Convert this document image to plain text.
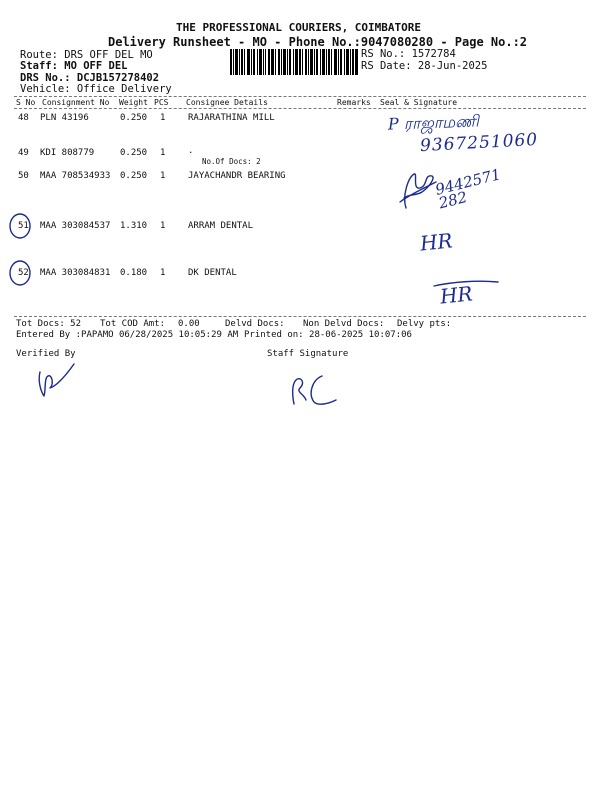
THE PROFESSIONAL COURIERS, COIMBATORE
Delivery Runsheet - MO - Phone No.:9047080280 - Page No.:2
Route: DRS OFF DEL MO
Staff: MO OFF DEL
DRS No.: DCJB157278402
Vehicle: Office Delivery
RS No.: 1572784
RS Date: 28-Jun-2025
S No Consignment No Weight PCS Consignee Details	Remarks Seal & Signature
48 PLN 43196	0.250 1	RAJARATHINA MILL
49 KDI 808779	0.250 1	.
No.Of Docs: 2
50 MAA 708534933 0.250 1	JAYACHANDR BEARING
51 MAA 303084537 1.310 1	ARRAM DENTAL
52 MAA 303084831 0.180 1	DK DENTAL
P ராஜாமணி
9367251060
9442571 282
HR
HR
Tot Docs: 52 Tot COD Amt: 0.00	Delvd Docs: Non Delvd Docs: Delvy pts:
Entered By :PAPAMO 06/28/2025 10:05:29 AM Printed on: 28-06-2025 10:07:06
Verified By	Staff Signature
